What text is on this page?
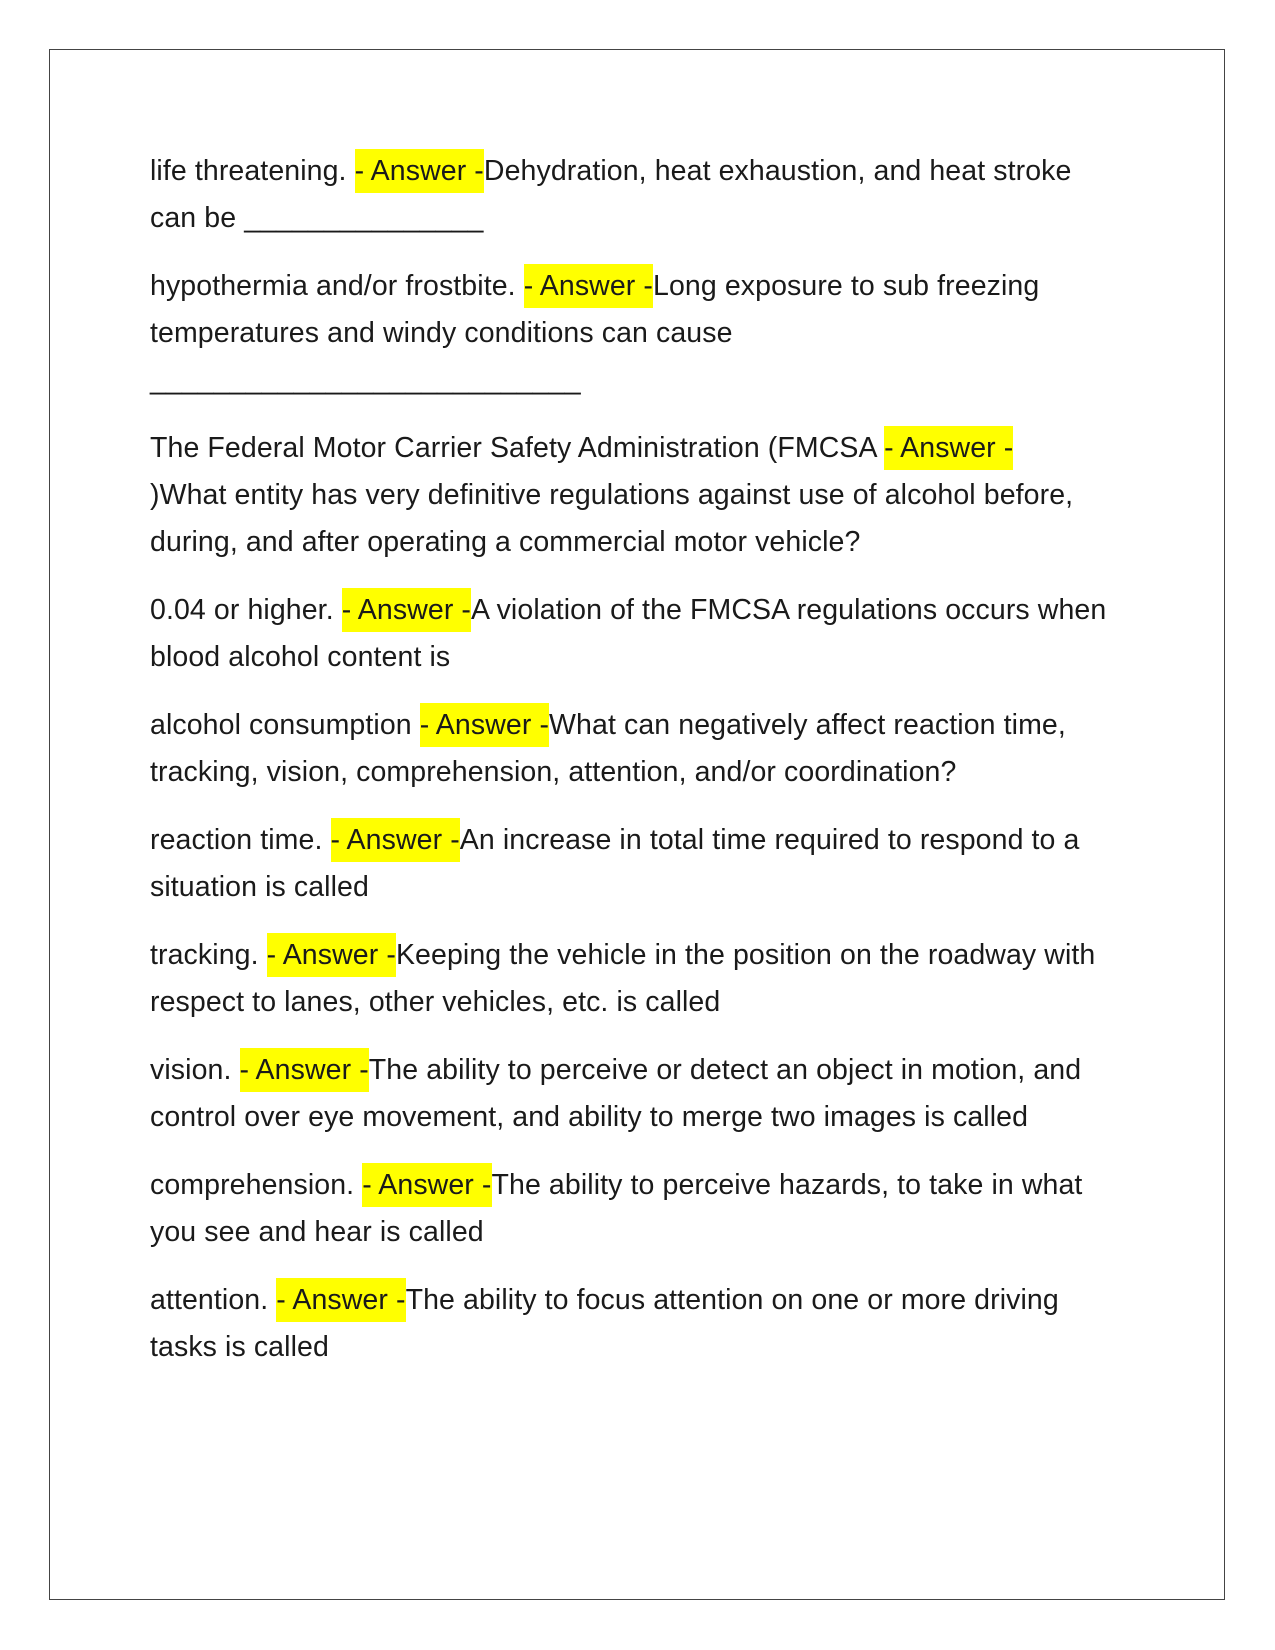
life threatening. - Answer -Dehydration, heat exhaustion, and heat stroke can be _______________

hypothermia and/or frostbite. - Answer -Long exposure to sub freezing temperatures and windy conditions can cause
___________________________

The Federal Motor Carrier Safety Administration (FMCSA - Answer -
)What entity has very definitive regulations against use of alcohol before, during, and after operating a commercial motor vehicle?

0.04 or higher. - Answer -A violation of the FMCSA regulations occurs when blood alcohol content is

alcohol consumption - Answer -What can negatively affect reaction time, tracking, vision, comprehension, attention, and/or coordination?

reaction time. - Answer -An increase in total time required to respond to a situation is called

tracking. - Answer -Keeping the vehicle in the position on the roadway with respect to lanes, other vehicles, etc. is called

vision. - Answer -The ability to perceive or detect an object in motion, and control over eye movement, and ability to merge two images is called

comprehension. - Answer -The ability to perceive hazards, to take in what you see and hear is called

attention. - Answer -The ability to focus attention on one or more driving tasks is called
